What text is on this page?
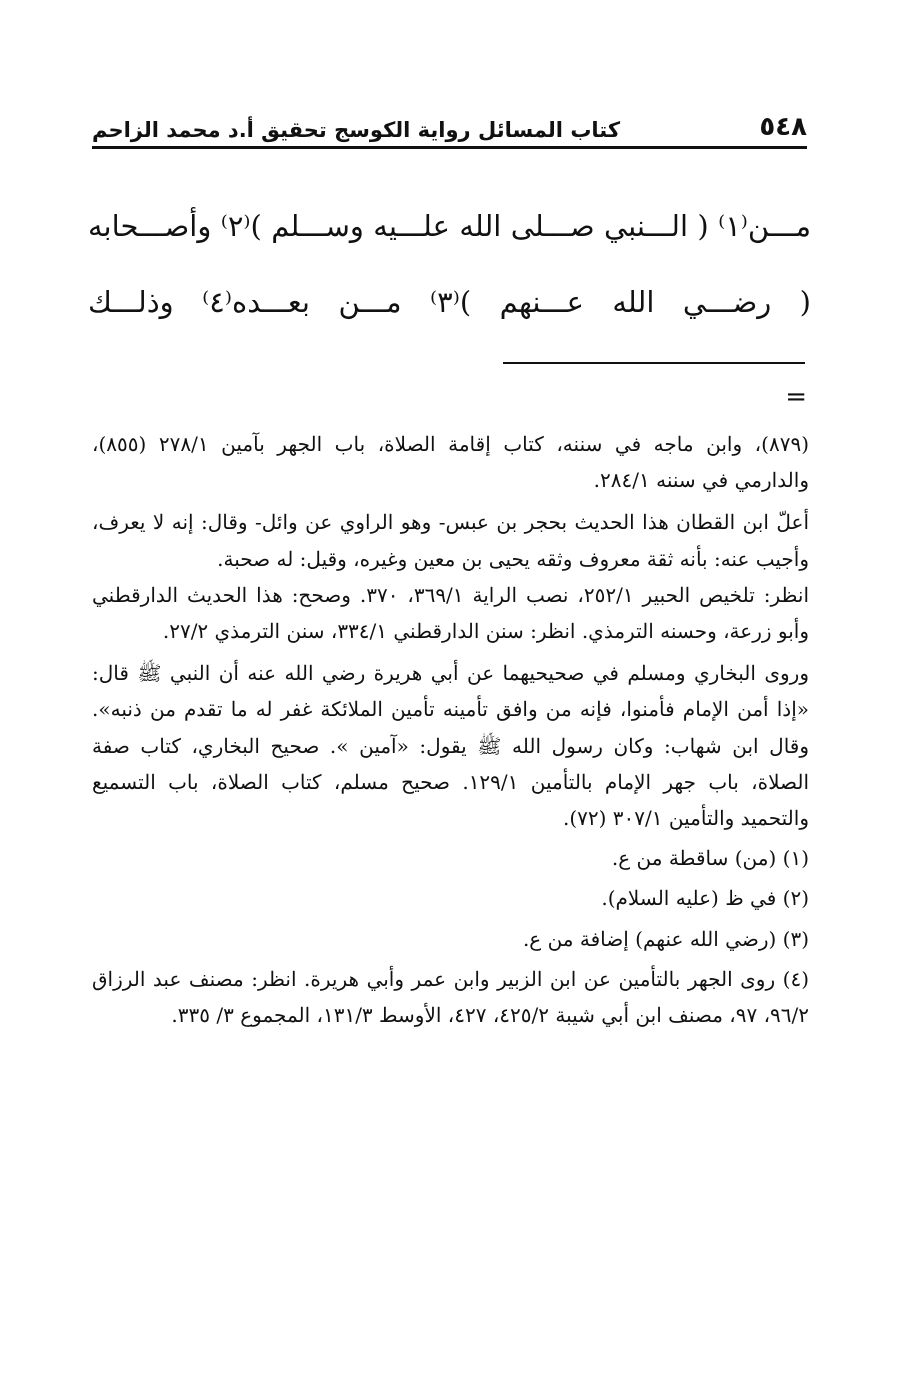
٥٤٨
كتاب المسائل رواية الكوسج تحقيق أ.د محمد الزاحم
مـــن⁽١⁾ ( الـــنبي صـــلى الله علـــيه وســـلم )⁽٢⁾ وأصـــحابه
( رضـــي الله عـــنهم )⁽٣⁾ مـــن بعـــده⁽٤⁾ وذلـــك
=

(٨٧٩)، وابن ماجه في سننه، كتاب إقامة الصلاة، باب الجهر بآمين ٢٧٨/١ (٨٥٥)، والدارمي في سننه ٢٨٤/١.

أعلّ ابن القطان هذا الحديث بحجر بن عبس- وهو الراوي عن وائل- وقال: إنه لا يعرف، وأجيب عنه: بأنه ثقة معروف وثقه يحيى بن معين وغيره، وقيل: له صحبة.

انظر: تلخيص الحبير ٢٥٢/١، نصب الراية ٣٦٩/١، ٣٧٠. وصحح: هذا الحديث الدارقطني وأبو زرعة، وحسنه الترمذي. انظر: سنن الدارقطني ٣٣٤/١، سنن الترمذي ٢٧/٢.

وروى البخاري ومسلم في صحيحيهما عن أبي هريرة رضي الله عنه أن النبي ﷺ قال: «إذا أمن الإمام فأمنوا، فإنه من وافق تأمينه تأمين الملائكة غفر له ما تقدم من ذنبه». وقال ابن شهاب: وكان رسول الله ﷺ يقول: «آمين ». صحيح البخاري، كتاب صفة الصلاة، باب جهر الإمام بالتأمين ١٢٩/١. صحيح مسلم، كتاب الصلاة، باب التسميع والتحميد والتأمين ٣٠٧/١ (٧٢).

(١) (من) ساقطة من ع.

(٢) في ظ (عليه السلام).

(٣) (رضي الله عنهم) إضافة من ع.

(٤) روى الجهر بالتأمين عن ابن الزبير وابن عمر وأبي هريرة. انظر: مصنف عبد الرزاق ٩٦/٢، ٩٧، مصنف ابن أبي شيبة ٤٢٥/٢، ٤٢٧، الأوسط ١٣١/٣، المجموع ٣/ ٣٣٥.
